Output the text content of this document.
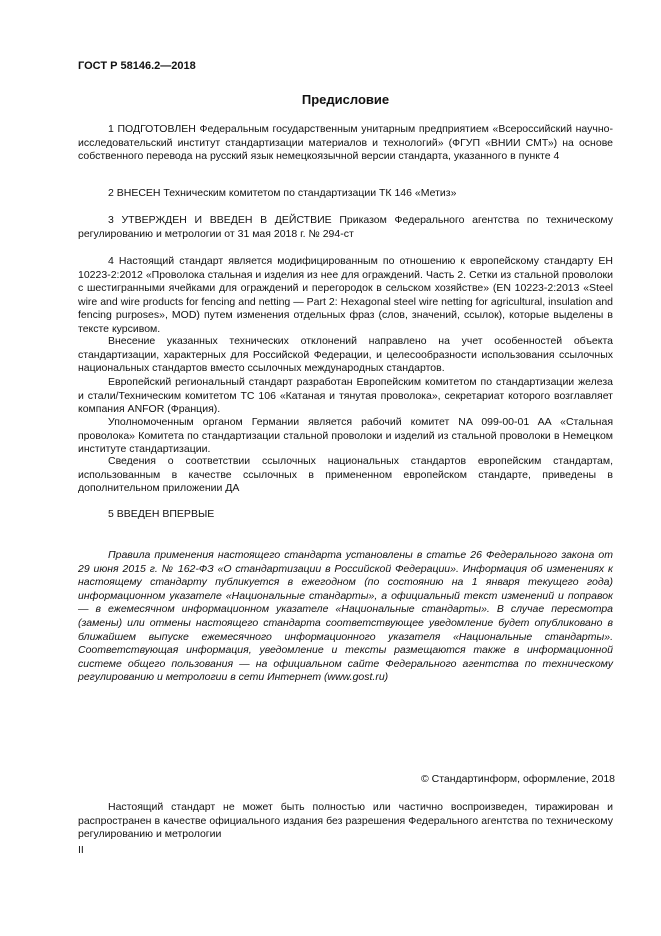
ГОСТ Р 58146.2—2018
Предисловие

1 ПОДГОТОВЛЕН Федеральным государственным унитарным предприятием «Всероссийский научно-исследовательский институт стандартизации материалов и технологий» (ФГУП «ВНИИ СМТ») на основе собственного перевода на русский язык немецкоязычной версии стандарта, указанного в пункте 4

2 ВНЕСЕН Техническим комитетом по стандартизации ТК 146 «Метиз»

3 УТВЕРЖДЕН И ВВЕДЕН В ДЕЙСТВИЕ Приказом Федерального агентства по техническому регулированию и метрологии от 31 мая 2018 г. № 294-ст

4 Настоящий стандарт является модифицированным по отношению к европейскому стандарту ЕН 10223-2:2012 «Проволока стальная и изделия из нее для ограждений. Часть 2. Сетки из стальной проволоки с шестигранными ячейками для ограждений и перегородок в сельском хозяйстве» (EN 10223-2:2013 «Steel wire and wire products for fencing and netting — Part 2: Hexagonal steel wire netting for agricultural, insulation and fencing purposes», MOD) путем изменения отдельных фраз (слов, значений, ссылок), которые выделены в тексте курсивом.

Внесение указанных технических отклонений направлено на учет особенностей объекта стандартизации, характерных для Российской Федерации, и целесообразности использования ссылочных национальных стандартов вместо ссылочных международных стандартов.

Европейский региональный стандарт разработан Европейским комитетом по стандартизации железа и стали/Техническим комитетом ТС 106 «Катаная и тянутая проволока», секретариат которого возглавляет компания ANFOR (Франция).

Уполномоченным органом Германии является рабочий комитет NA 099-00-01 AA «Стальная проволока» Комитета по стандартизации стальной проволоки и изделий из стальной проволоки в Немецком институте стандартизации.

Сведения о соответствии ссылочных национальных стандартов европейским стандартам, использованным в качестве ссылочных в примененном европейском стандарте, приведены в дополнительном приложении ДА

5 ВВЕДЕН ВПЕРВЫЕ

Правила применения настоящего стандарта установлены в статье 26 Федерального закона от 29 июня 2015 г. № 162-ФЗ «О стандартизации в Российской Федерации». Информация об изменениях к настоящему стандарту публикуется в ежегодном (по состоянию на 1 января текущего года) информационном указателе «Национальные стандарты», а официальный текст изменений и поправок — в ежемесячном информационном указателе «Национальные стандарты». В случае пересмотра (замены) или отмены настоящего стандарта соответствующее уведомление будет опубликовано в ближайшем выпуске ежемесячного информационного указателя «Национальные стандарты». Соответствующая информация, уведомление и тексты размещаются также в информационной системе общего пользования — на официальном сайте Федерального агентства по техническому регулированию и метрологии в сети Интернет (www.gost.ru)

© Стандартинформ, оформление, 2018

Настоящий стандарт не может быть полностью или частично воспроизведен, тиражирован и распространен в качестве официального издания без разрешения Федерального агентства по техническому регулированию и метрологии

II
